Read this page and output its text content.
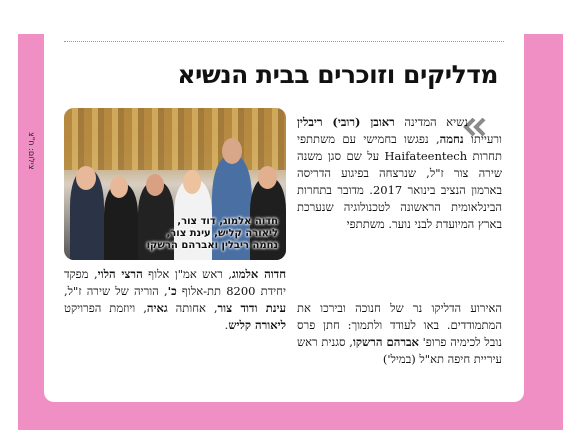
מדליקים וזוכרים בבית הנשיא

נשיא המדינה ראובן (רובי) ריבלין ורעייתו נחמה, נפגשו בחמישי עם משתתפי תחרות Haifateentech על שם סגן משנה שירה צור ז"ל, שנרצחה בפיגוע הדריסה בארמון הנציב בינואר 2017. מדובר בתחרות הבינלאומית הראשונה לטכנולוגיה שנערכת בארץ המיועדת לבני נוער. משתתפי

האירוע הדליקו נר של חנוכה ובירכו את המתמודדים. באו לעודד ולתמוך: חתן פרס נובל לכימיה פרופ' אברהם הרשקו, סגנית ראש עיריית חיפה תא"ל (במיל')

חדוה אלמוג, דוד צור, ליאורה קליש, עינת צור, נחמה ריבלין ואברהם הרשקו
צילום: ח"צ

חדוה אלמוג, ראש אמ"ן אלוף הרצי הלוי, מפקד יחידת 8200 תת-אלוף כ', הוריה של שירה ז"ל, עינת ודוד צור, אחותה גאיה, ויוזמת הפרויקט ליאורה קליש.
